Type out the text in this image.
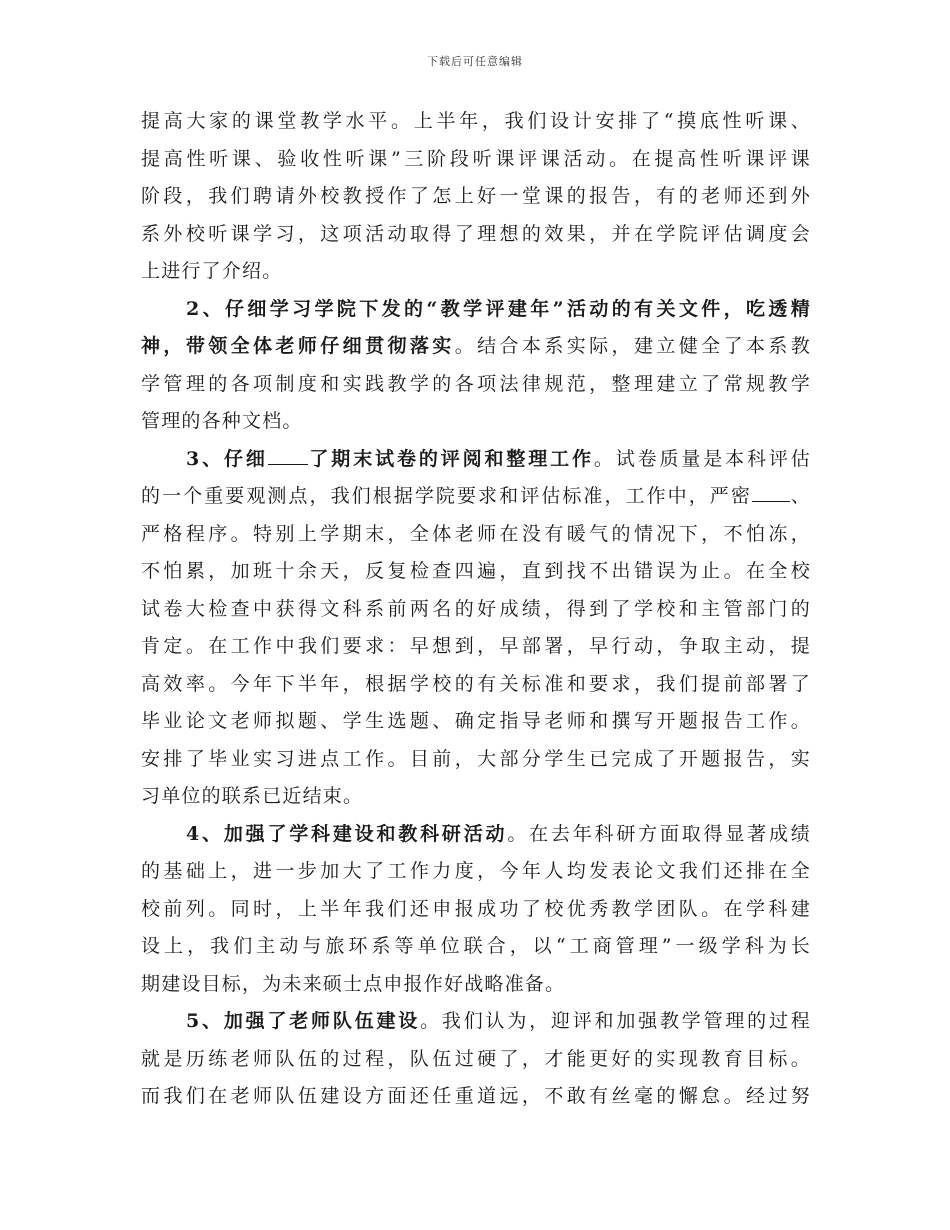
下载后可任意编辑
提高大家的课堂教学水平。上半年，我们设计安排了“摸底性听课、
提高性听课、验收性听课”三阶段听课评课活动。在提高性听课评课
阶段，我们聘请外校教授作了怎上好一堂课的报告，有的老师还到外
系外校听课学习，这项活动取得了理想的效果，并在学院评估调度会
上进行了介绍。
2、仔细学习学院下发的“教学评建年”活动的有关文件，吃透精
神，带领全体老师仔细贯彻落实。结合本系实际，建立健全了本系教
学管理的各项制度和实践教学的各项法律规范，整理建立了常规教学
管理的各种文档。
3、仔细 了期末试卷的评阅和整理工作。试卷质量是本科评估
的一个重要观测点，我们根据学院要求和评估标准，工作中，严密 、
严格程序。特别上学期末，全体老师在没有暖气的情况下，不怕冻，
不怕累，加班十余天，反复检查四遍，直到找不出错误为止。在全校
试卷大检查中获得文科系前两名的好成绩，得到了学校和主管部门的
肯定。在工作中我们要求：早想到，早部署，早行动，争取主动，提
高效率。今年下半年，根据学校的有关标准和要求，我们提前部署了
毕业论文老师拟题、学生选题、确定指导老师和撰写开题报告工作。
安排了毕业实习进点工作。目前，大部分学生已完成了开题报告，实
习单位的联系已近结束。
4、加强了学科建设和教科研活动。在去年科研方面取得显著成绩
的基础上，进一步加大了工作力度，今年人均发表论文我们还排在全
校前列。同时，上半年我们还申报成功了校优秀教学团队。在学科建
设上，我们主动与旅环系等单位联合，以“工商管理”一级学科为长
期建设目标，为未来硕士点申报作好战略准备。
5、加强了老师队伍建设。我们认为，迎评和加强教学管理的过程
就是历练老师队伍的过程，队伍过硬了，才能更好的实现教育目标。
而我们在老师队伍建设方面还任重道远，不敢有丝毫的懈怠。经过努
